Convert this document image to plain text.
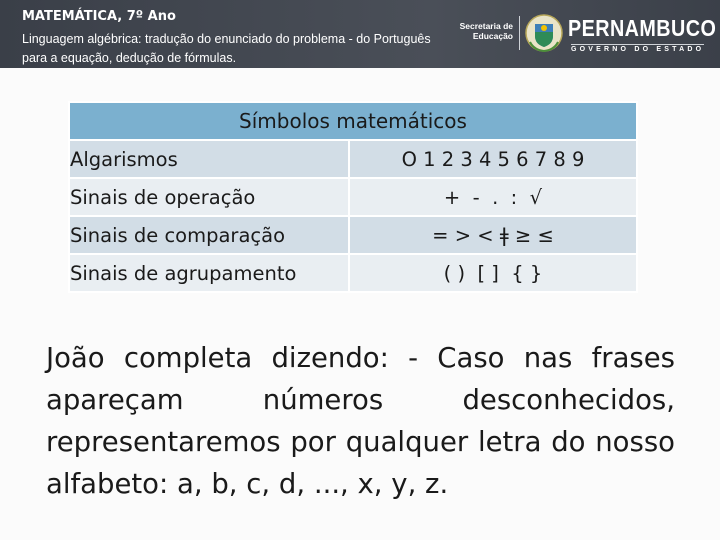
MATEMÁTICA, 7º Ano
Linguagem algébrica: tradução do enunciado do problema - do Português para a equação, dedução de fórmulas.
Secretaria de Educação PERNAMBUCO
GOVERNO DO ESTADO
Símbolos matemáticos	
Algarismos	O 1 2 3 4 5 6 7 8 9
Sinais de operação	+  -  .  :  √
Sinais de comparação	= > < ǂ ≥ ≤
Sinais de agrupamento	( )  [ ]  { }
João completa dizendo: - Caso nas frases apareçam números desconhecidos, representaremos por qualquer letra do nosso alfabeto: a, b, c, d, ..., x, y, z.
